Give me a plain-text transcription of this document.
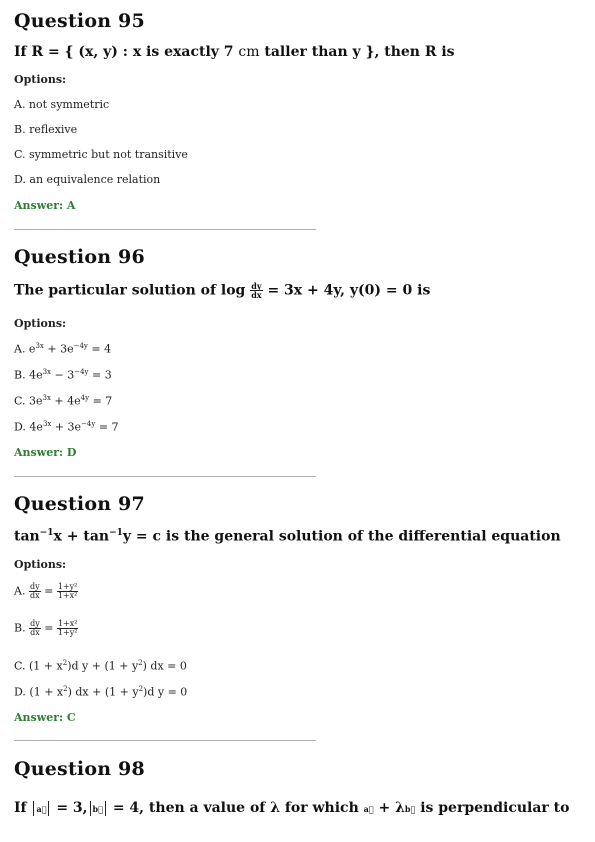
Question 95
If R = { (x, y) : x is exactly 7 cm taller than y }, then R is
Options:
A. not symmetric
B. reflexive
C. symmetric but not transitive
D. an equivalence relation
Answer: A
Question 96
The particular solution of $\log \frac{dy}{dx} = 3x + 4y$, y(0) = 0 is
Options:
A. $e^{3x} + 3e^{-4y} = 4$
B. $4e^{3x} - 3^{-4y} = 3$
C. $3e^{3x} + 4e^{4y} = 7$
D. $4e^{3x} + 3e^{-4y} = 7$
Answer: D
Question 97
$\tan^{-1}x + \tan^{-1}y = c$ is the general solution of the differential equation
Options:
A. $\frac{dy}{dx} = \frac{\text{1+y²}}{\text{1+x²}}$
B. $\frac{dy}{dx} = \frac{\text{1+x²}}{\text{1+y²}}$
C. $(1 + x^2)d$ $y + (1 + y^2)$ dx = 0
D. $(1 + x^2)$ dx + $(1 + y^2)d$ y = 0
Answer: C
Question 98
If a⃗ = 3, b⃗ = 4, then a value of λ for which a⃗ + λb⃗ is perpendicular to
